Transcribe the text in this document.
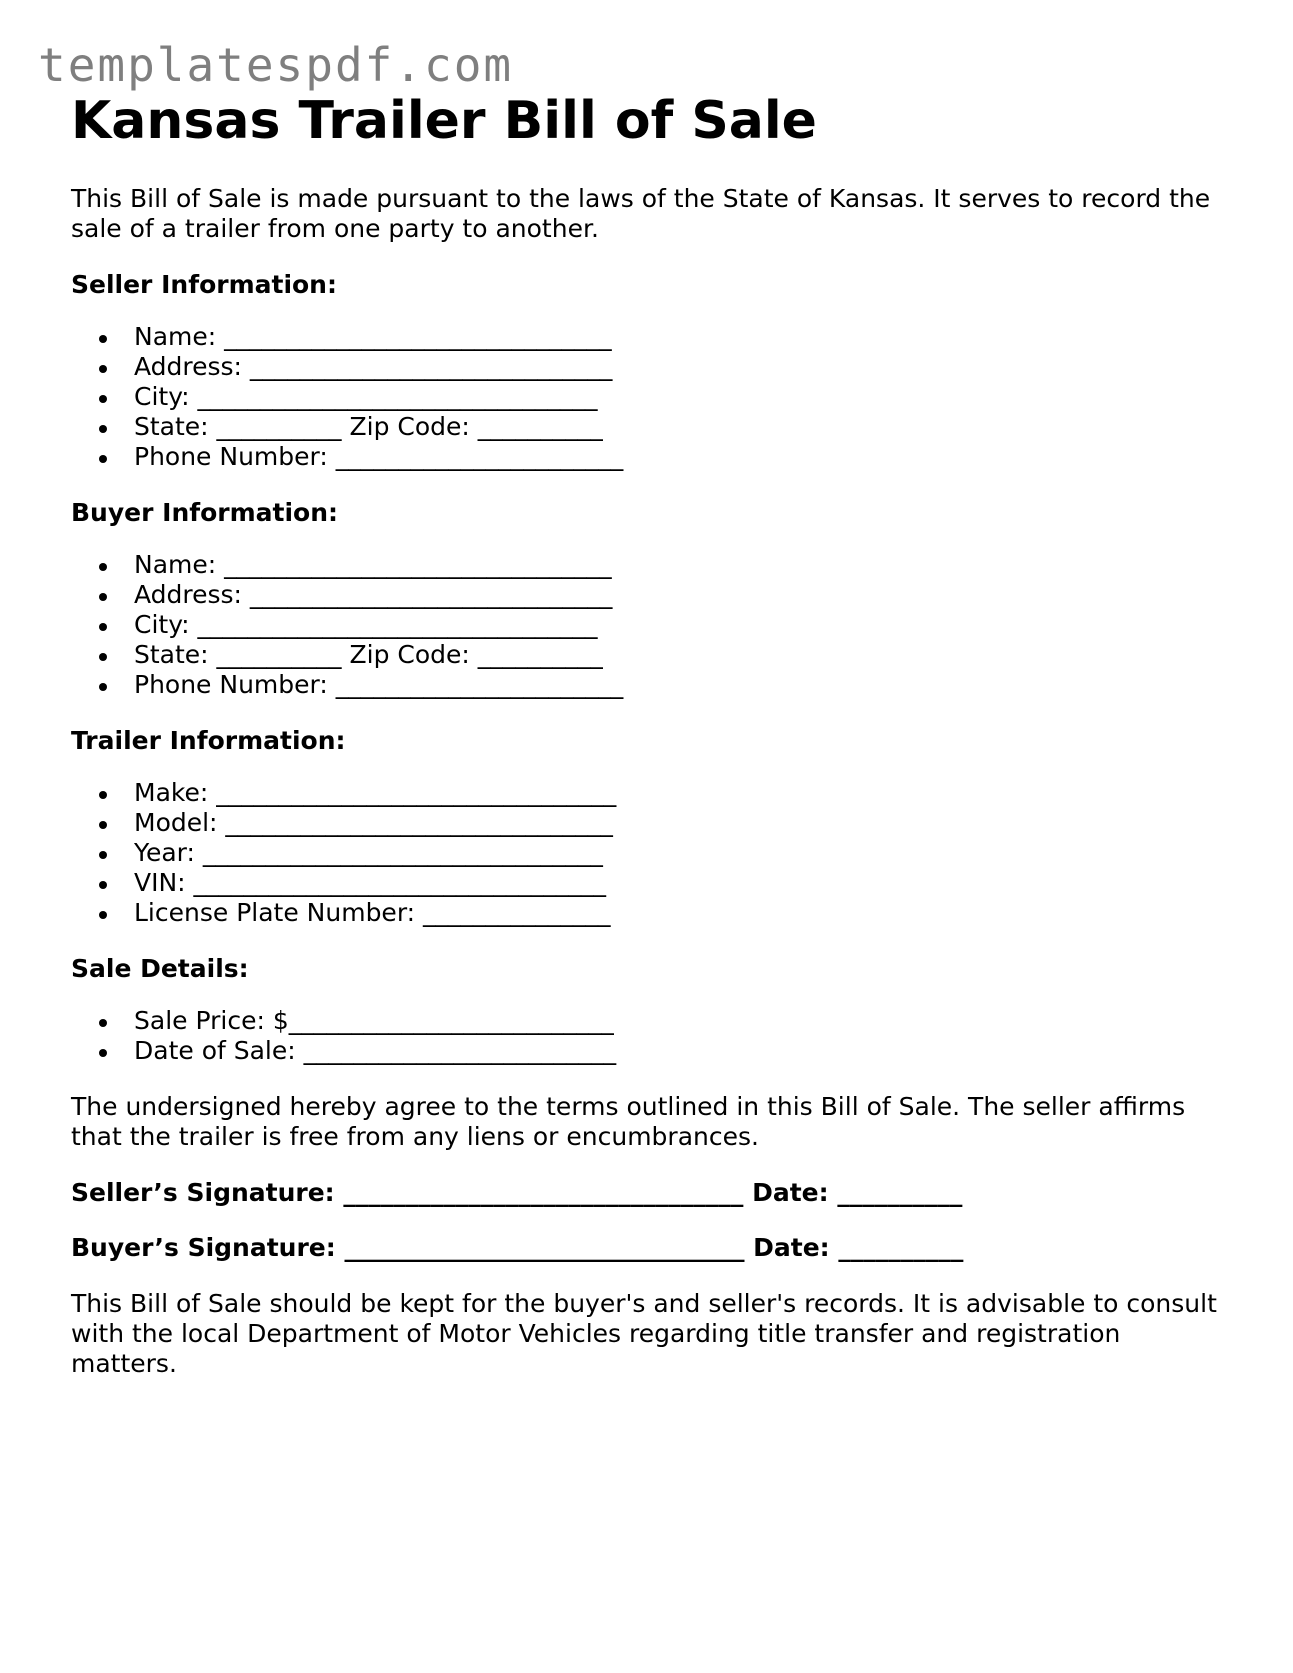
templatespdf.com
Kansas Trailer Bill of Sale

This Bill of Sale is made pursuant to the laws of the State of Kansas. It serves to record the sale of a trailer from one party to another.

Seller Information:
Name: _______________________________
Address: _____________________________
City: ________________________________
State: __________ Zip Code: __________
Phone Number: _______________________
Buyer Information:
Name: _______________________________
Address: _____________________________
City: ________________________________
State: __________ Zip Code: __________
Phone Number: _______________________
Trailer Information:
Make: ________________________________
Model: _______________________________
Year: ________________________________
VIN: _________________________________
License Plate Number: _______________
Sale Details:
Sale Price: $__________________________
Date of Sale: _________________________

The undersigned hereby agree to the terms outlined in this Bill of Sale. The seller affirms that the trailer is free from any liens or encumbrances.

Seller’s Signature: ________________________________ Date: __________
Buyer’s Signature: ________________________________ Date: __________

This Bill of Sale should be kept for the buyer's and seller's records. It is advisable to consult with the local Department of Motor Vehicles regarding title transfer and registration matters.
